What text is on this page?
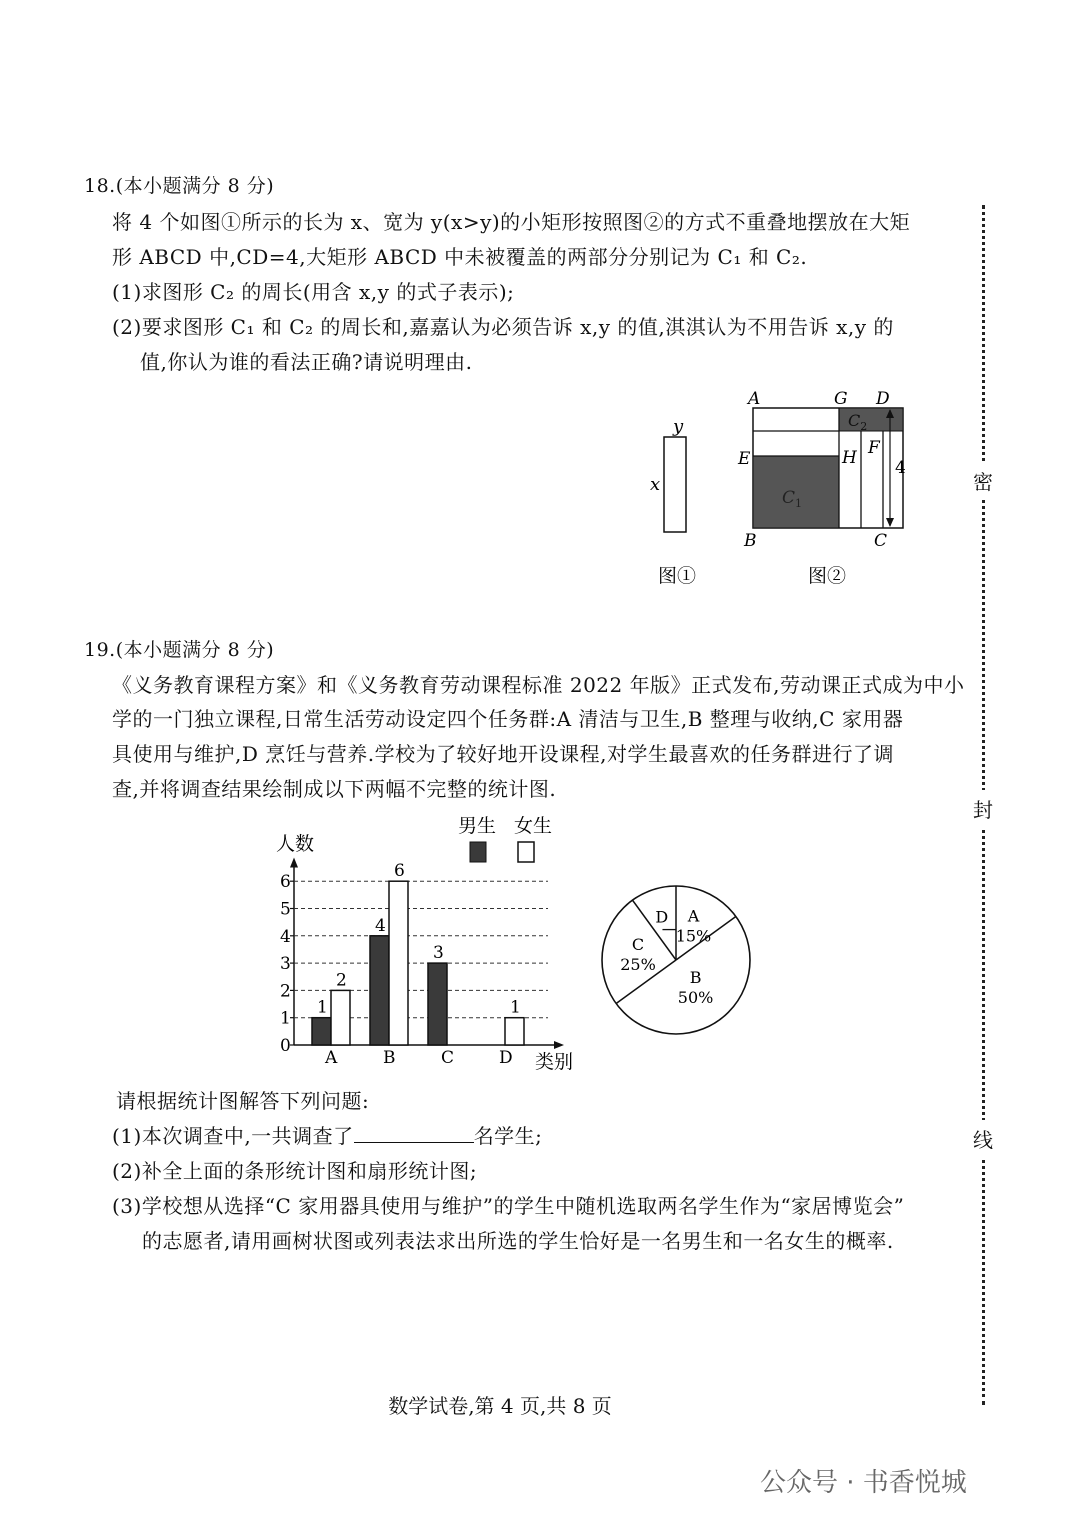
18.(本小题满分 8 分)
将 4 个如图①所示的长为 x、宽为 y(x>y)的小矩形按照图②的方式不重叠地摆放在大矩
形 ABCD 中,CD=4,大矩形 ABCD 中未被覆盖的两部分分别记为 C₁ 和 C₂.
(1)求图形 C₂ 的周长(用含 x,y 的式子表示);
(2)要求图形 C₁ 和 C₂ 的周长和,嘉嘉认为必须告诉 x,y 的值,淇淇认为不用告诉 x,y 的
值,你认为谁的看法正确?请说明理由.
y
x
图①
A	G D
E	H F
B	C
4
$C_2$
$C_1$
图②
19.(本小题满分 8 分)
《义务教育课程方案》和《义务教育劳动课程标准 2022 年版》正式发布,劳动课正式成为中小
学的一门独立课程,日常生活劳动设定四个任务群:A 清洁与卫生,B 整理与收纳,C 家用器
具使用与维护,D 烹饪与营养.学校为了较好地开设课程,对学生最喜欢的任务群进行了调
查,并将调查结果绘制成以下两幅不完整的统计图.
0
1
2
3
4
5
6
A
1
2
B
4
6
C
3
D
1
人数
类别
男生 女生
A
15%
B
50%
C
25%
D
请根据统计图解答下列问题:
(1)本次调查中,一共调查了	名学生;
(2)补全上面的条形统计图和扇形统计图;
(3)学校想从选择“C 家用器具使用与维护”的学生中随机选取两名学生作为“家居博览会”
的志愿者,请用画树状图或列表法求出所选的学生恰好是一名男生和一名女生的概率.
密
封
线
数学试卷,第 4 页,共 8 页
公众号 · 书香悦城
